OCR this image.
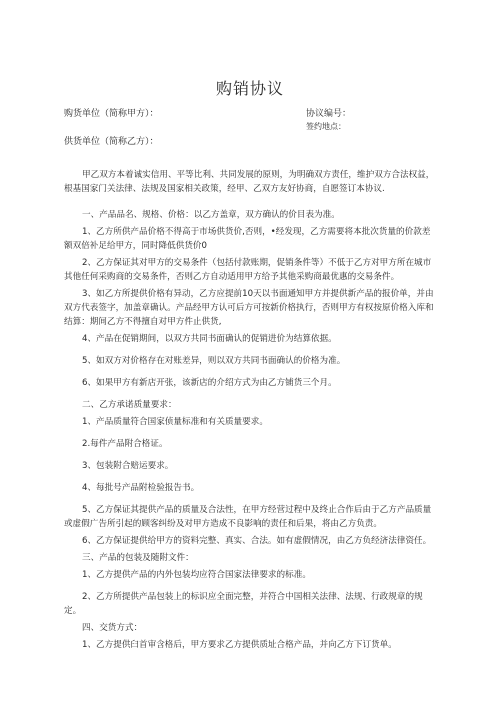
购销协议
购货单位（简称甲方）：	协议编号：
签约地点：
供货单位（简称乙方）：

甲乙双方本着诚实信用、平等比利、共同发展的原则，为明确双方责任，维护双方合法权益，根基国家门关法律、法规及国家相关政策，经甲、乙双方友好协商，自愿签订本协议.

一、产品品名、规格、价格：以乙方盖章，双方确认的价目表为准。

1、乙方所供产品价格不得高于市场供货价,否则，•经发现，乙方需要将本批次货量的价款差额双倍补足给甲方，同时降低供货价0

2、乙方保证其对甲方的交易条件（包括付款账期，促销条件等）不低于乙方对甲方所在城市其他任何采购商的交易条件，否则乙方自动适用甲方给予其他采购商最优惠的交易条件。

3、如乙方所提供价格有异动，乙方应提前10天以书面通知甲方并提供新产品的报价单，并由双方代表签字，加盖章确认。产品经甲方认可后方可按新价格执行，否则甲方有权按原价格入库和结算：期间乙方不得擅自对甲方件止供货,

4、产品在促销期间，以双方共同书面确认的促销进价为结算依据。

5、如双方对价格存在对账差异，则以双方共同书面确认的价格为准。

6、如果甲方有新店开张，该新店的介绍方式为由乙方铺货三个月。

二、乙方承诺质量要求：

1、产品质量符合国家侦量标准和有关质量要求。

2.每件产品附合格证。

3、包装附合赔运要求。

4、每批号产品附检验报告书。

5、乙方保证其提供产品的质量及合法性，在甲方经营过程中及终止合作后由于乙方产品质量或虚假广告所引起的顾客纠纷及对甲方造成不良影响的责任和后果，将由乙方负责。

6、乙方保证提供给甲方的资料完整、真实、合法。如有虚假情况，由乙方负经济法律资任。

三、产品的包装及随附文件：

1、乙方提供产品的内外包装均应符合国家法律要求的标准。

2、乙方所提供产品包装上的标识应全面完整，并符合中国相关法律、法规、行政规章的规定。

四、交货方式：

1、乙方提供臼首审含格后，甲方要求乙方提供质址合格产品，并向乙方下订货单。
